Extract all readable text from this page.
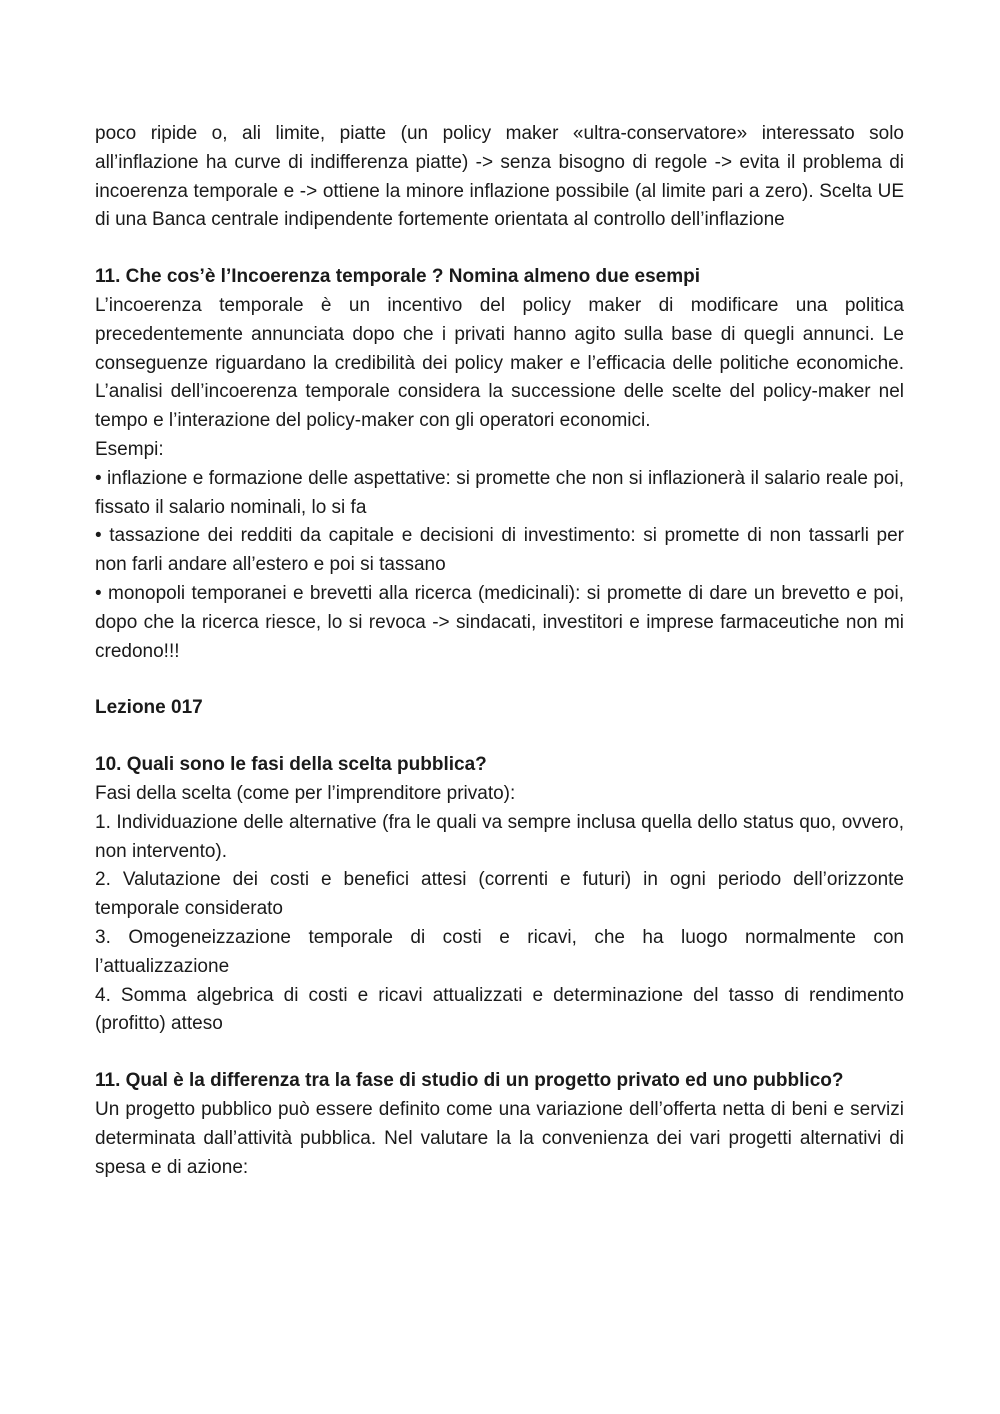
poco ripide o, ali limite, piatte (un policy maker «ultra-conservatore» interessato solo all’inflazione ha curve di indifferenza piatte) -> senza bisogno di regole -> evita il problema di incoerenza temporale e -> ottiene la minore inflazione possibile (al limite pari a zero). Scelta UE di una Banca centrale indipendente fortemente orientata al controllo dell’inflazione

11. Che cos’è l’Incoerenza temporale ? Nomina almeno due esempi

L’incoerenza temporale è un incentivo del policy maker di modificare una politica precedentemente annunciata dopo che i privati hanno agito sulla base di quegli annunci. Le conseguenze riguardano la credibilità dei policy maker e l’efficacia delle politiche economiche. L’analisi dell’incoerenza temporale considera la successione delle scelte del policy-maker nel tempo e l’interazione del policy-maker con gli operatori economici.

Esempi:

• inflazione e formazione delle aspettative: si promette che non si inflazionerà il salario reale poi, fissato il salario nominali, lo si fa

• tassazione dei redditi da capitale e decisioni di investimento: si promette di non tassarli per non farli andare all’estero e poi si tassano

• monopoli temporanei e brevetti alla ricerca (medicinali): si promette di dare un brevetto e poi, dopo che la ricerca riesce, lo si revoca -> sindacati, investitori e imprese farmaceutiche non mi credono!!!

Lezione 017

10. Quali sono le fasi della scelta pubblica?

Fasi della scelta (come per l’imprenditore privato):

1. Individuazione delle alternative (fra le quali va sempre inclusa quella dello status quo, ovvero, non intervento).

2. Valutazione dei costi e benefici attesi (correnti e futuri) in ogni periodo dell’orizzonte temporale considerato

3. Omogeneizzazione temporale di costi e ricavi, che ha luogo normalmente con l’attualizzazione

4. Somma algebrica di costi e ricavi attualizzati e determinazione del tasso di rendimento (profitto) atteso

11. Qual è la differenza tra la fase di studio di un progetto privato ed uno pubblico?

Un progetto pubblico può essere definito come una variazione dell’offerta netta di beni e servizi determinata dall’attività pubblica. Nel valutare la la convenienza dei vari progetti alternativi di spesa e di azione:
